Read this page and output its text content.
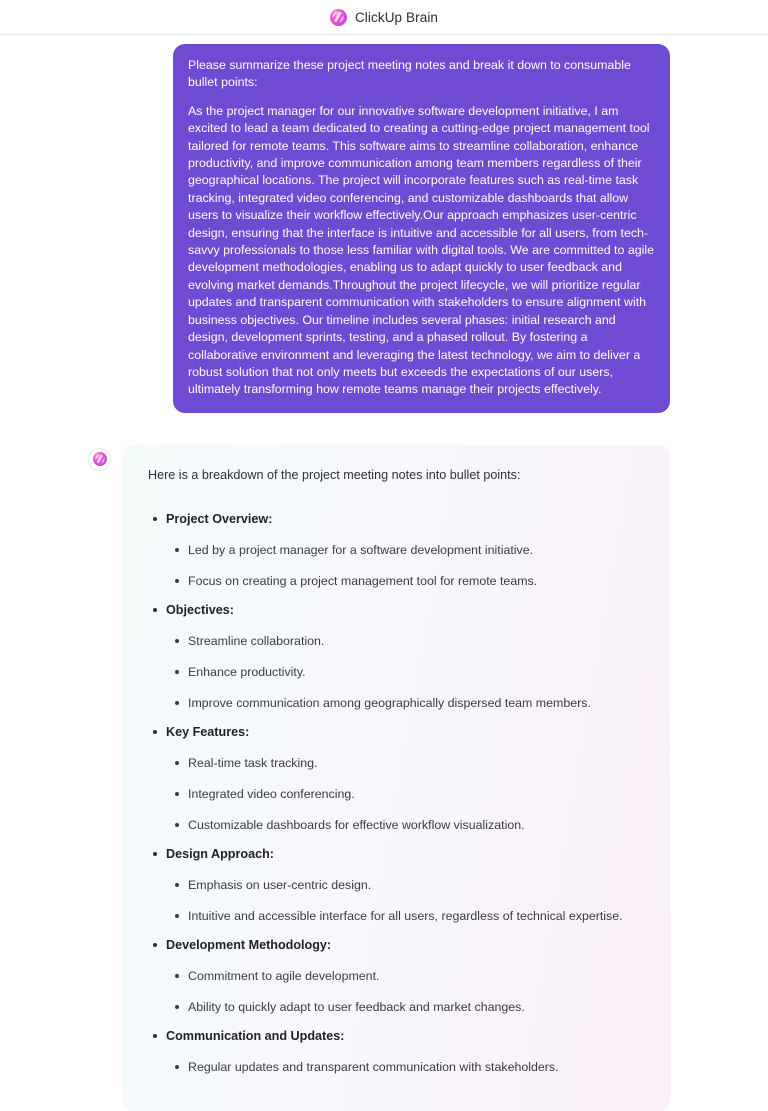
ClickUp Brain

Please summarize these project meeting notes and break it down to consumable bullet points:

As the project manager for our innovative software development initiative, I am excited to lead a team dedicated to creating a cutting-edge project management tool tailored for remote teams. This software aims to streamline collaboration, enhance productivity, and improve communication among team members regardless of their geographical locations. The project will incorporate features such as real-time task tracking, integrated video conferencing, and customizable dashboards that allow users to visualize their workflow effectively.Our approach emphasizes user-centric design, ensuring that the interface is intuitive and accessible for all users, from tech-savvy professionals to those less familiar with digital tools. We are committed to agile development methodologies, enabling us to adapt quickly to user feedback and evolving market demands.Throughout the project lifecycle, we will prioritize regular updates and transparent communication with stakeholders to ensure alignment with business objectives. Our timeline includes several phases: initial research and design, development sprints, testing, and a phased rollout. By fostering a collaborative environment and leveraging the latest technology, we aim to deliver a robust solution that not only meets but exceeds the expectations of our users, ultimately transforming how remote teams manage their projects effectively.

Here is a breakdown of the project meeting notes into bullet points:
Project Overview:
Led by a project manager for a software development initiative.
Focus on creating a project management tool for remote teams.
Objectives:
Streamline collaboration.
Enhance productivity.
Improve communication among geographically dispersed team members.
Key Features:
Real-time task tracking.
Integrated video conferencing.
Customizable dashboards for effective workflow visualization.
Design Approach:
Emphasis on user-centric design.
Intuitive and accessible interface for all users, regardless of technical expertise.
Development Methodology:
Commitment to agile development.
Ability to quickly adapt to user feedback and market changes.
Communication and Updates:
Regular updates and transparent communication with stakeholders.
